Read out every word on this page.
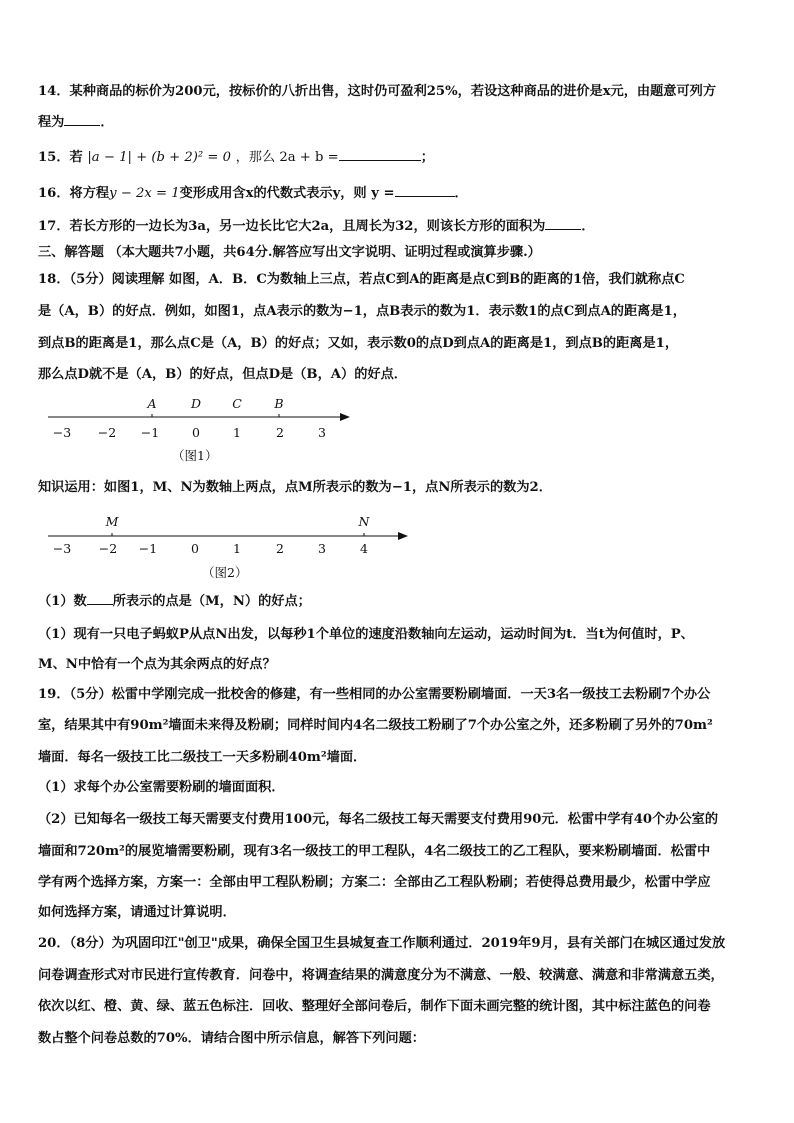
14．某种商品的标价为200元，按标价的八折出售，这时仍可盈利25%，若设这种商品的进价是x元，由题意可列方
程为	．
15．若 |a − 1| + (b + 2)² = 0 ，那么 2a + b =	；
16．将方程y − 2x = 1变形成用含x的代数式表示y，则 y =	．
17．若长方形的一边长为3a，另一边长比它大2a，且周长为32，则该长方形的面积为	．
三、解答题 （本大题共7小题，共64分.解答应写出文字说明、证明过程或演算步骤.）
18．（5分）阅读理解 如图，A．B．C为数轴上三点，若点C到A的距离是点C到B的距离的1倍，我们就称点C
是（A，B）的好点．例如，如图1，点A表示的数为−1，点B表示的数为1．表示数1的点C到点A的距离是1，
到点B的距离是1，那么点C是（A，B）的好点；又如，表示数0的点D到点A的距离是1，到点B的距离是1，
那么点D就不是（A，B）的好点，但点D是（B，A）的好点．
−3 −2 −1	0	1	2	3
A	D C	B
（图1）
知识运用：如图1，M、N为数轴上两点，点M所表示的数为−1，点N所表示的数为2．
−3 −2 −1	0	1	2	3	4
M	N
（图2）
（1）数 所表示的点是（M，N）的好点；
（1）现有一只电子蚂蚁P从点N出发，以每秒1个单位的速度沿数轴向左运动，运动时间为t．当t为何值时，P、
M、N中恰有一个点为其余两点的好点？
19．（5分）松雷中学刚完成一批校舍的修建，有一些相同的办公室需要粉刷墙面．一天3名一级技工去粉刷7个办公
室，结果其中有90m²墙面未来得及粉刷；同样时间内4名二级技工粉刷了7个办公室之外，还多粉刷了另外的70m²
墙面．每名一级技工比二级技工一天多粉刷40m²墙面．
（1）求每个办公室需要粉刷的墙面面积．
（2）已知每名一级技工每天需要支付费用100元，每名二级技工每天需要支付费用90元．松雷中学有40个办公室的
墙面和720m²的展览墙需要粉刷，现有3名一级技工的甲工程队，4名二级技工的乙工程队，要来粉刷墙面．松雷中
学有两个选择方案，方案一：全部由甲工程队粉刷；方案二：全部由乙工程队粉刷；若使得总费用最少，松雷中学应
如何选择方案，请通过计算说明．
20．（8分）为巩固印江"创卫"成果，确保全国卫生县城复查工作顺利通过．2019年9月，县有关部门在城区通过发放
问卷调查形式对市民进行宣传教育．问卷中，将调查结果的满意度分为不满意、一般、较满意、满意和非常满意五类，
依次以红、橙、黄、绿、蓝五色标注．回收、整理好全部问卷后，制作下面未画完整的统计图，其中标注蓝色的问卷
数占整个问卷总数的70%．请结合图中所示信息，解答下列问题：
